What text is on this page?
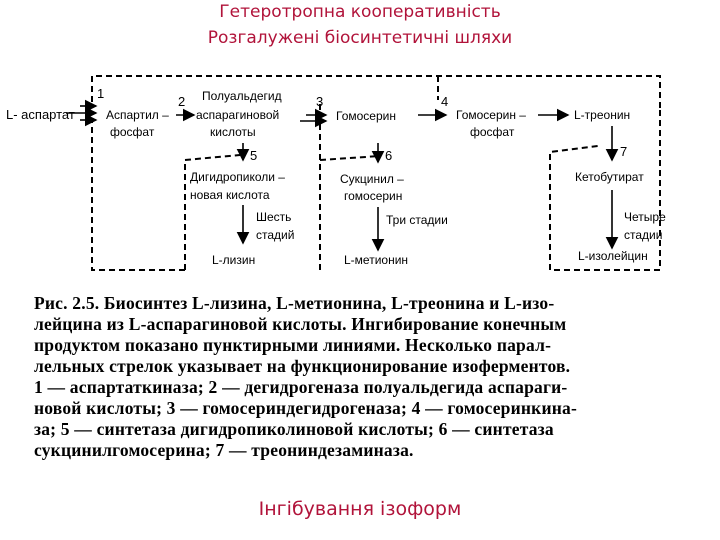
Гетеротропна кооперативність
Розгалужені біосинтетичні шляхи
L- аспартат	Аспартил –
фосфат
Полуальдегид
аспарагиновой
кислоты
Гомосерин	Гомосерин –
фосфат
L-треонин
Дигидропиколи –
новая кислота
Шесть
стадий
L-лизин
Сукцинил –
гомосерин
Три стадии
L-метионин
Кетобутират
Четыре
стадии
L-изолейцин
1
2	3	4
5	6	7
Рис. 2.5. Биосинтез L-лизина, L-метионина, L-треонина и L-изо-
лейцина из L-аспарагиновой кислоты. Ингибирование конечным
продуктом показано пунктирными линиями. Несколько парал-
лельных стрелок указывает на функционирование изоферментов.
1 — аспартаткиназа; 2 — дегидрогеназа полуальдегида аспараги-
новой кислоты; 3 — гомосериндегидрогеназа; 4 — гомосеринкина-
за; 5 — синтетаза дигидропиколиновой кислоты; 6 — синтетаза
сукцинилгомосерина; 7 — треониндезаминаза.
Інгібування ізоформ
